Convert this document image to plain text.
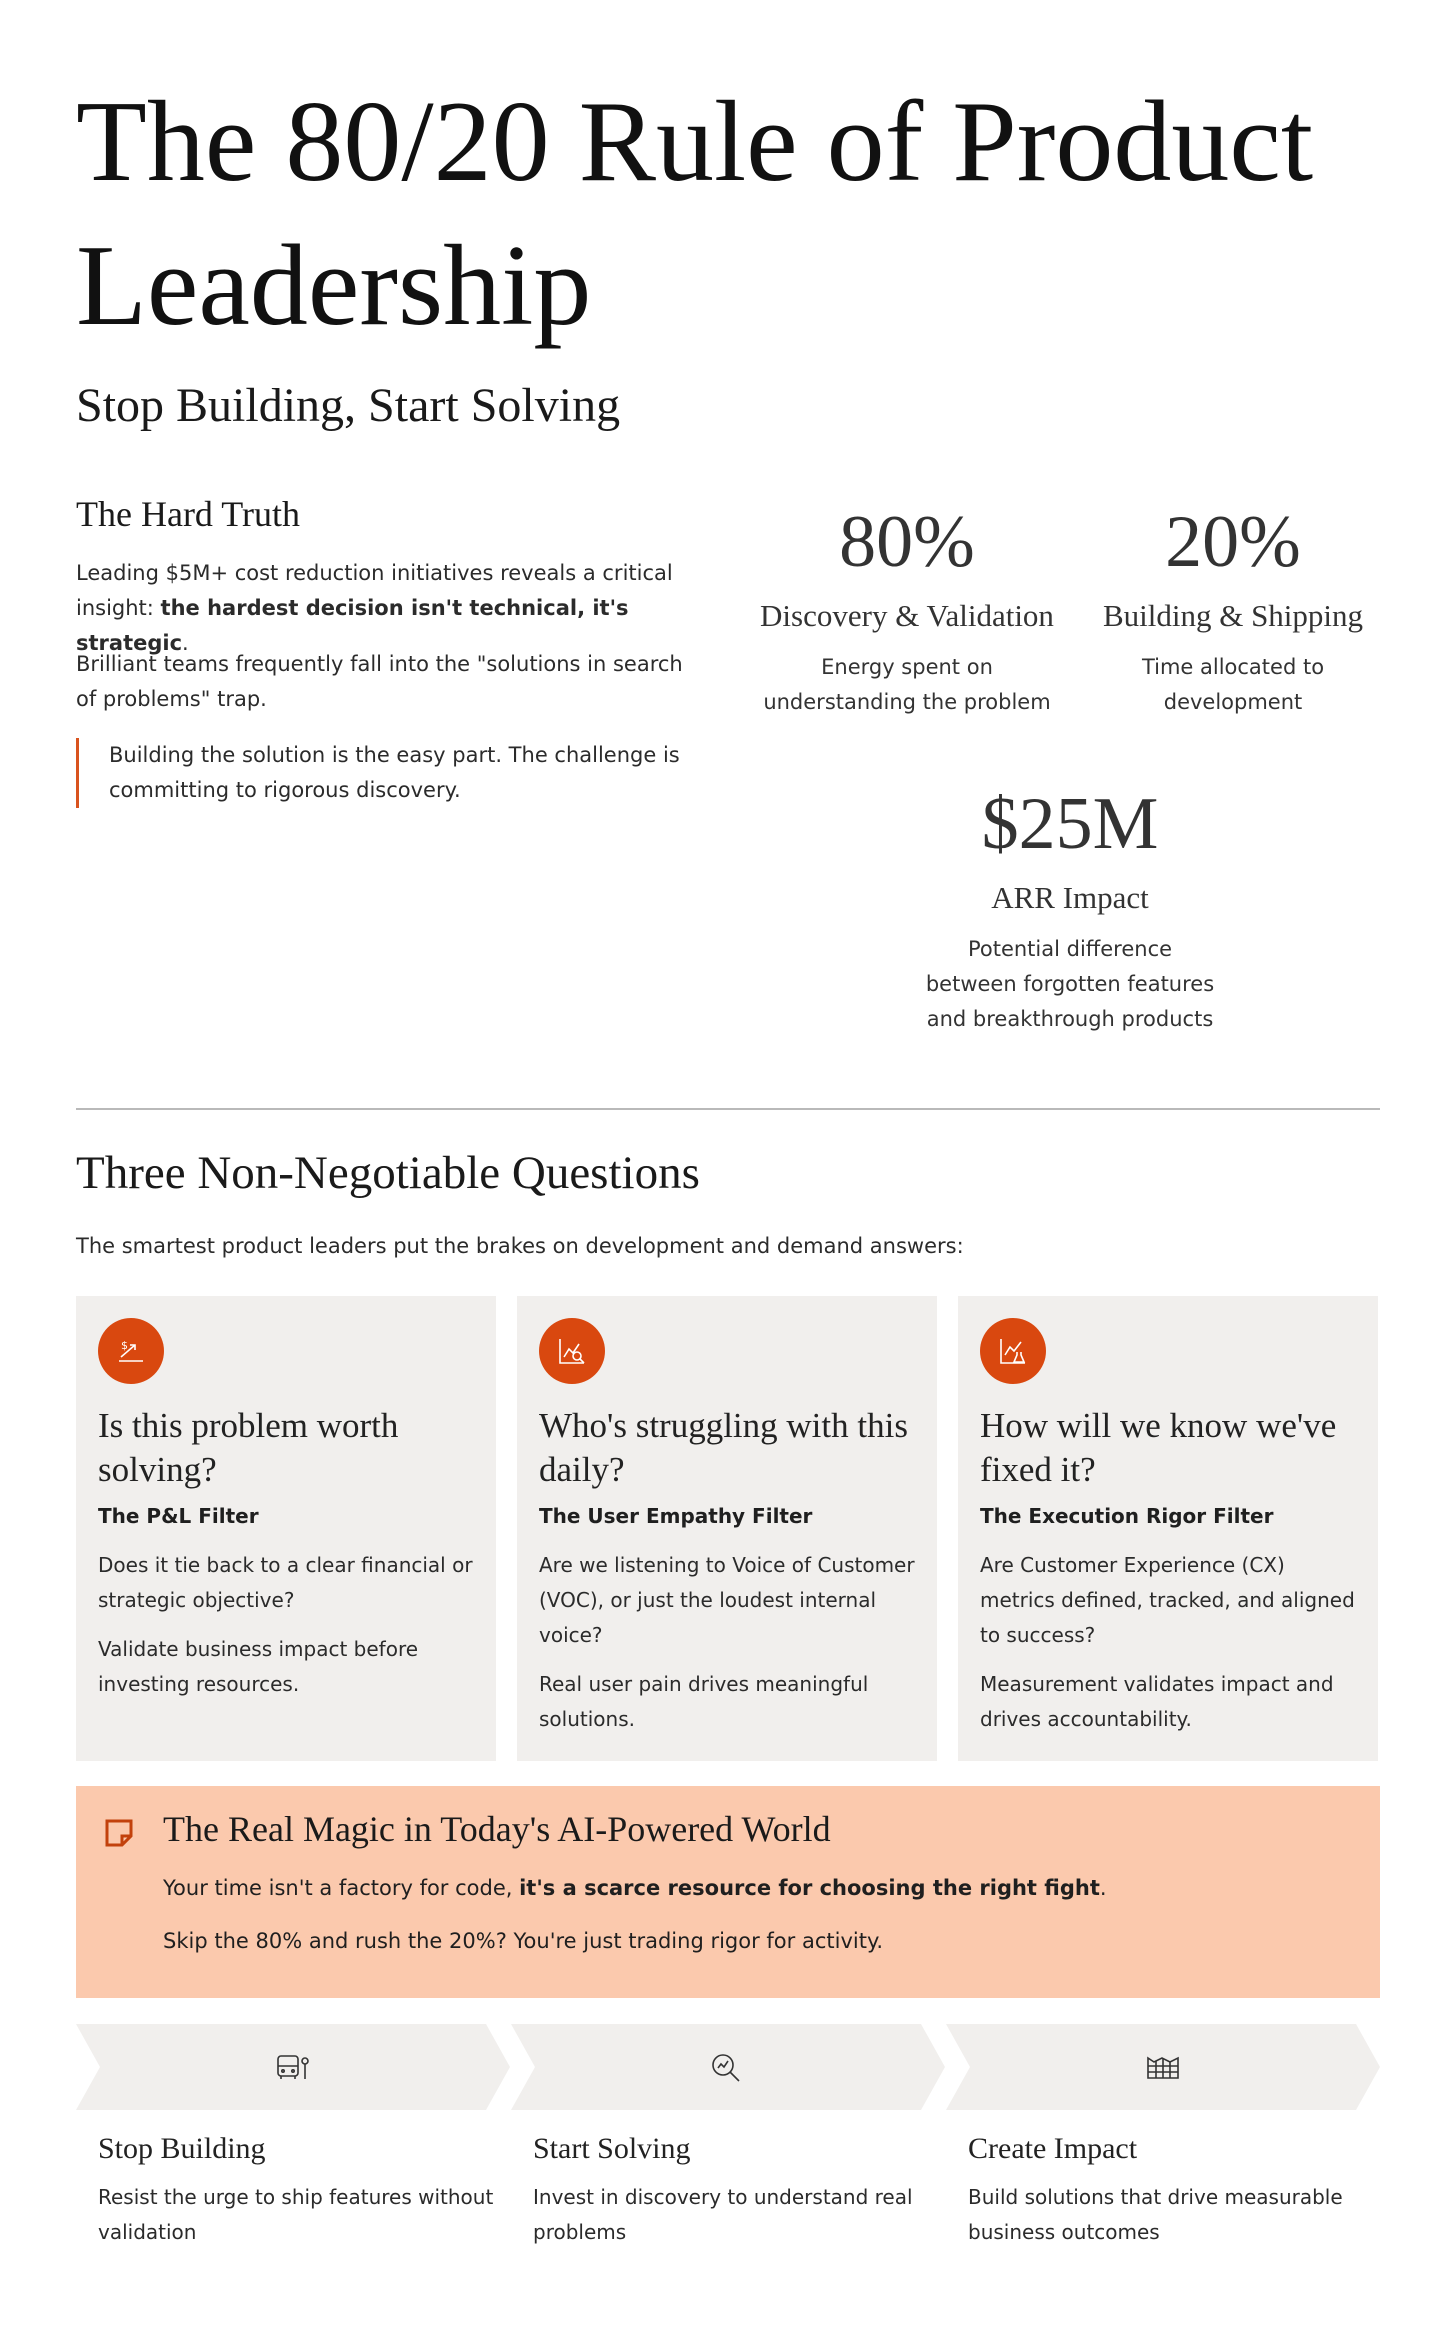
The 80/20 Rule of Product Leadership
Stop Building, Start Solving
The Hard Truth
Leading $5M+ cost reduction initiatives reveals a critical insight: the hardest decision isn't technical, it's strategic.
Brilliant teams frequently fall into the "solutions in search of problems" trap.
Building the solution is the easy part. The challenge is committing to rigorous discovery.
80%
Discovery & Validation
Energy spent on understanding the problem
20%
Building & Shipping
Time allocated to development
$25M
ARR Impact
Potential difference between forgotten features and breakthrough products
Three Non-Negotiable Questions
The smartest product leaders put the brakes on development and demand answers:
$
Is this problem worth solving?
The P&L Filter
Does it tie back to a clear financial or strategic objective?
Validate business impact before investing resources.
Who's struggling with this daily?
The User Empathy Filter
Are we listening to Voice of Customer (VOC), or just the loudest internal voice?
Real user pain drives meaningful solutions.
How will we know we've fixed it?
The Execution Rigor Filter
Are Customer Experience (CX) metrics defined, tracked, and aligned to success?
Measurement validates impact and drives accountability.
The Real Magic in Today's AI-Powered World
Your time isn't a factory for code, it's a scarce resource for choosing the right fight.
Skip the 80% and rush the 20%? You're just trading rigor for activity.
Stop Building
Resist the urge to ship features without validation
Start Solving
Invest in discovery to understand real problems
Create Impact
Build solutions that drive measurable business outcomes
